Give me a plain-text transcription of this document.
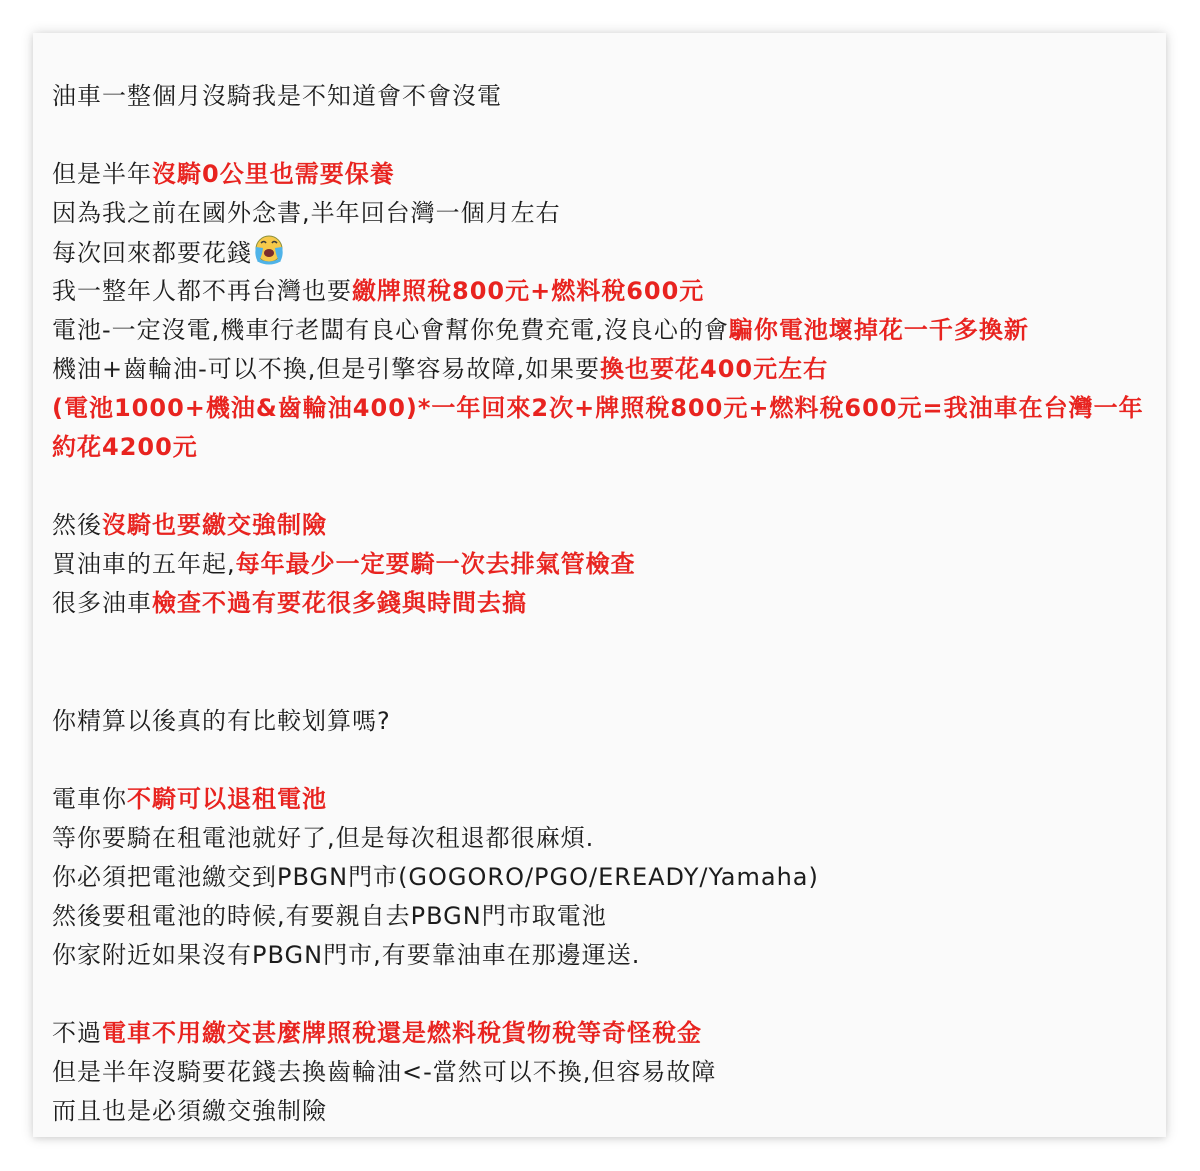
油車一整個月沒騎我是不知道會不會沒電
但是半年沒騎0公里也需要保養
因為我之前在國外念書,半年回台灣一個月左右
每次回來都要花錢
我一整年人都不再台灣也要繳牌照稅800元+燃料稅600元
電池-一定沒電,機車行老闆有良心會幫你免費充電,沒良心的會騙你電池壞掉花一千多換新
機油+齒輪油-可以不換,但是引擎容易故障,如果要換也要花400元左右
(電池1000+機油&齒輪油400)*一年回來2次+牌照稅800元+燃料稅600元=我油車在台灣一年約花4200元
然後沒騎也要繳交強制險
買油車的五年起,每年最少一定要騎一次去排氣管檢查
很多油車檢查不過有要花很多錢與時間去搞
你精算以後真的有比較划算嗎?
電車你不騎可以退租電池
等你要騎在租電池就好了,但是每次租退都很麻煩.
你必須把電池繳交到PBGN門市(GOGORO/PGO/EREADY/Yamaha)
然後要租電池的時候,有要親自去PBGN門市取電池
你家附近如果沒有PBGN門市,有要靠油車在那邊運送.
不過電車不用繳交甚麼牌照稅還是燃料稅貨物稅等奇怪稅金
但是半年沒騎要花錢去換齒輪油<-當然可以不換,但容易故障
而且也是必須繳交強制險
